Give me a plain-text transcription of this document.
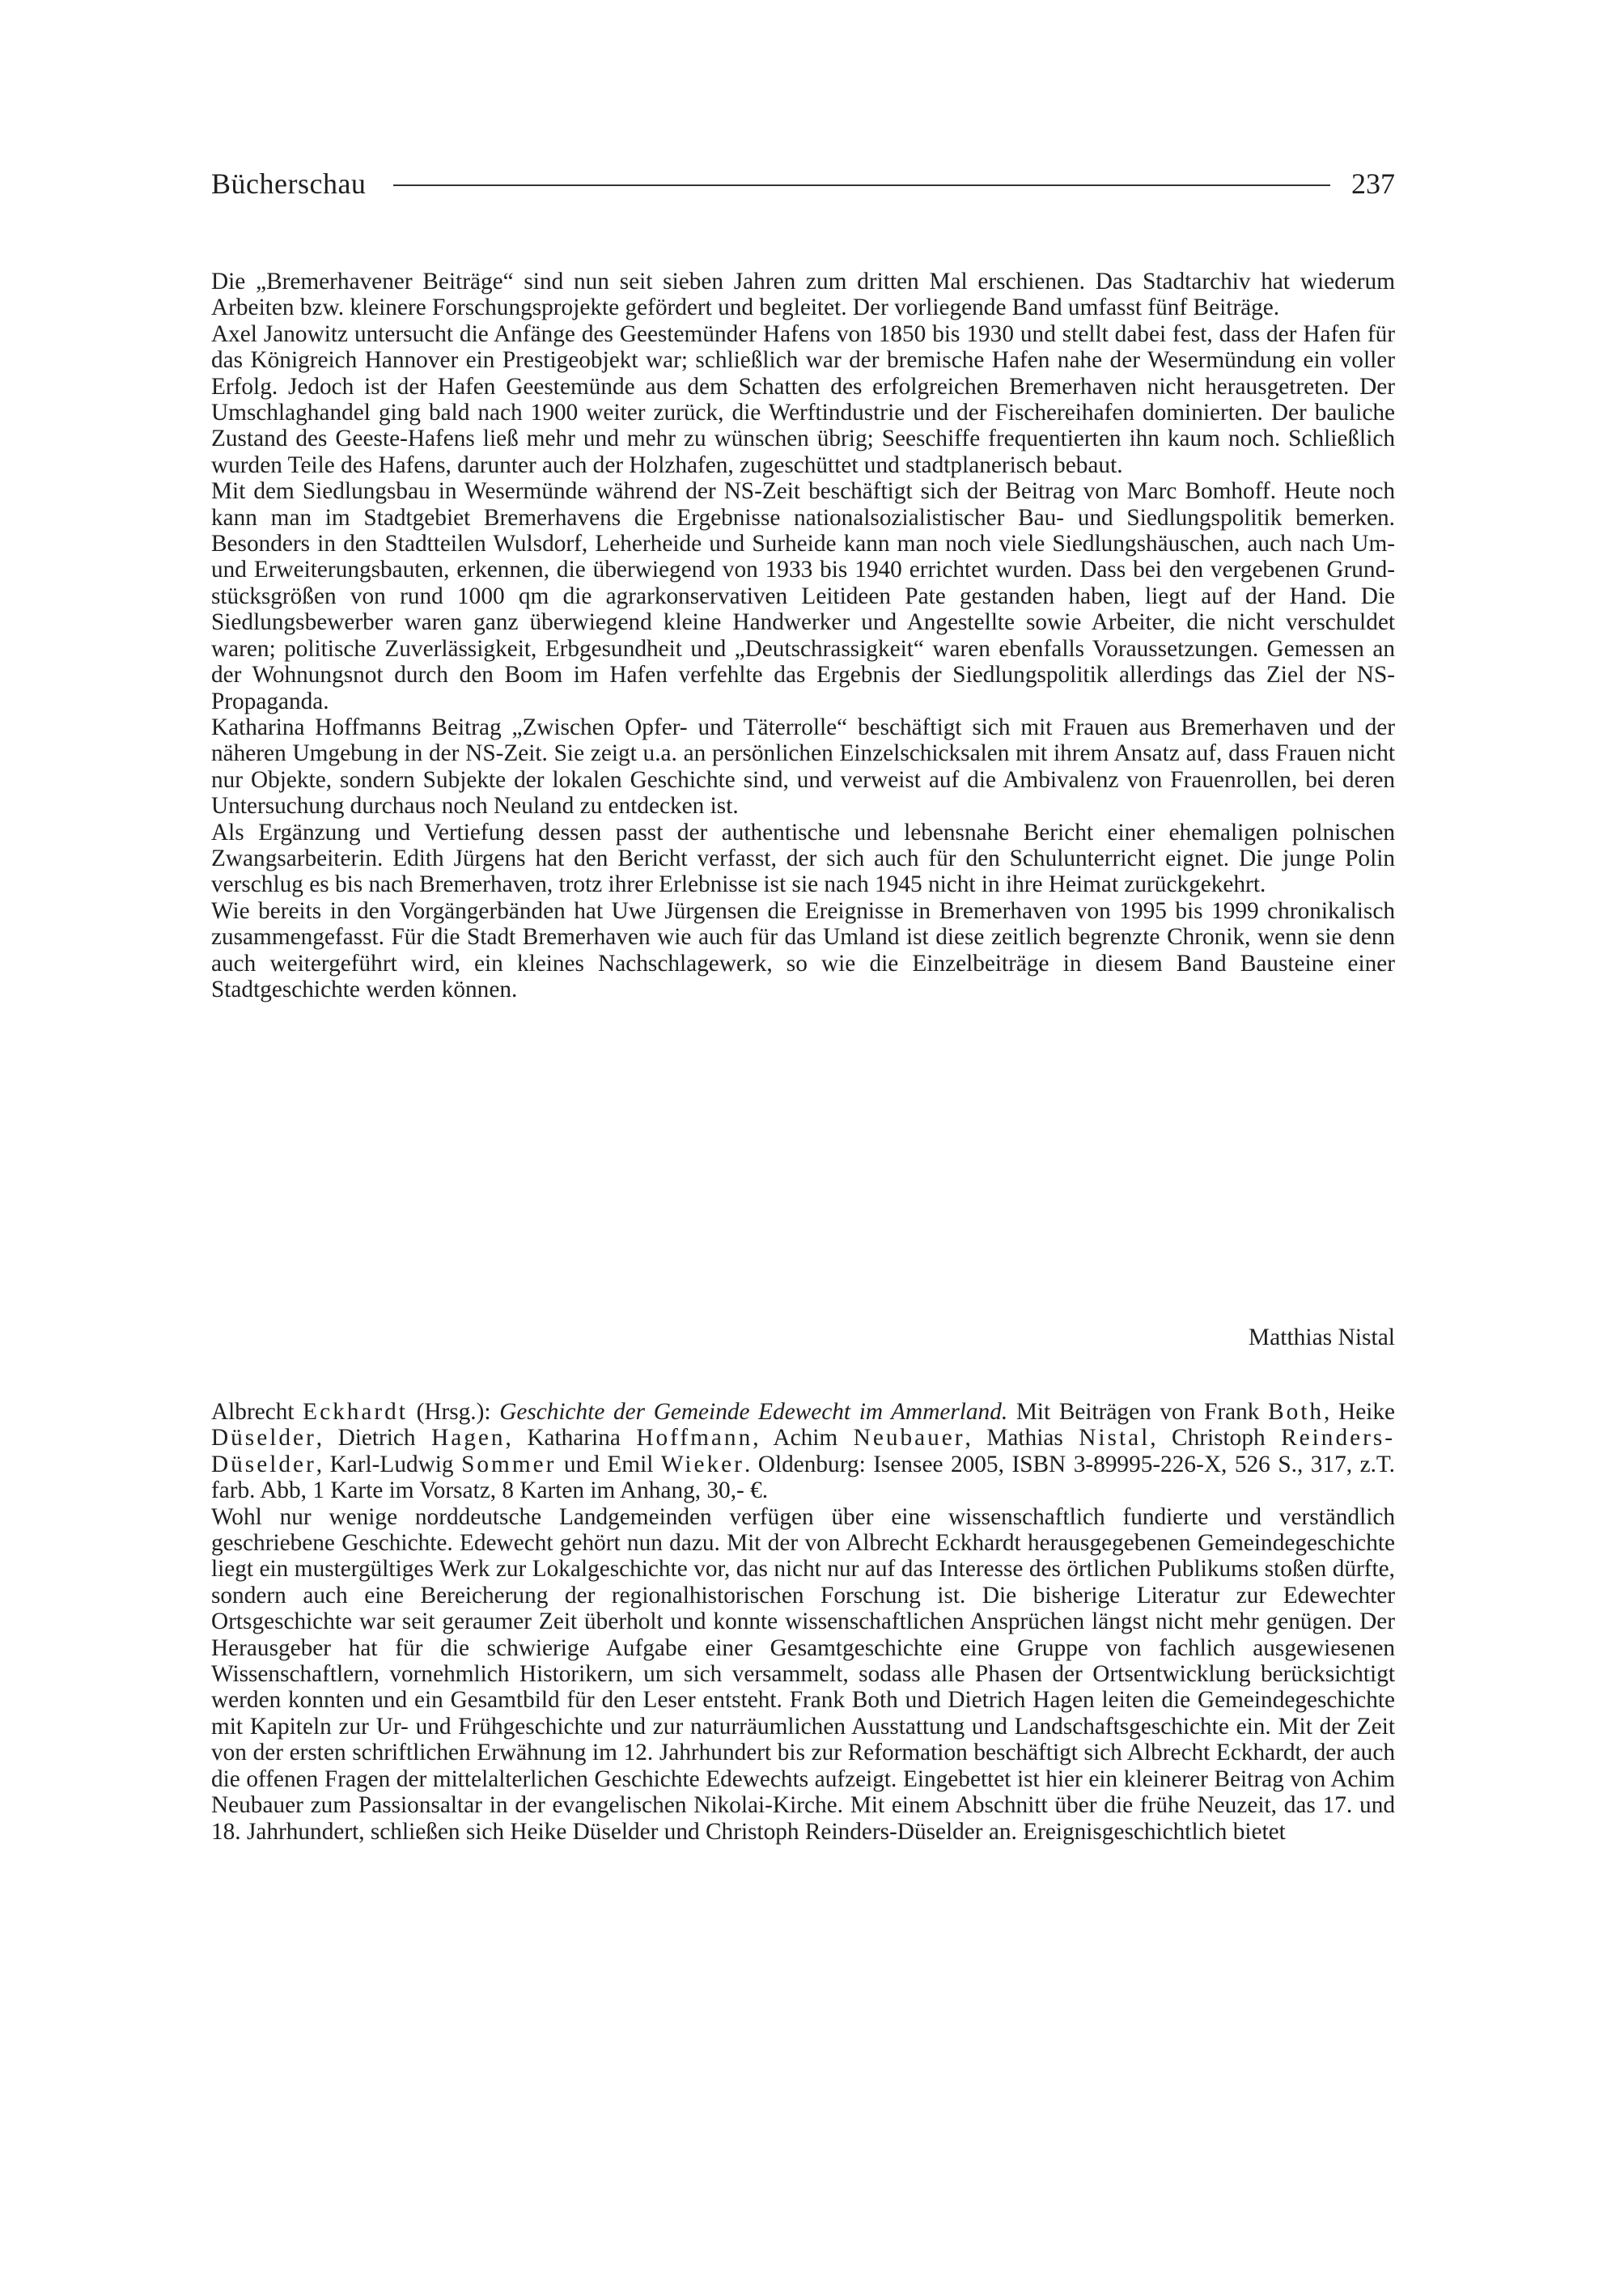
Bücherschau	237

Die „Bremerhavener Beiträge“ sind nun seit sieben Jahren zum dritten Mal erschienen. Das Stadtarchiv hat wiederum Arbeiten bzw. kleinere Forschungsprojekte gefördert und begleitet. Der vorliegende Band umfasst fünf Beiträge.

Axel Janowitz untersucht die Anfänge des Geestemünder Hafens von 1850 bis 1930 und stellt dabei fest, dass der Hafen für das Königreich Hannover ein Prestigeobjekt war; schließlich war der bremische Hafen nahe der Wesermündung ein voller Erfolg. Jedoch ist der Hafen Geestemünde aus dem Schatten des erfolgreichen Bremerhaven nicht herausgetreten. Der Umschlaghandel ging bald nach 1900 weiter zurück, die Werftindustrie und der Fischereihafen dominierten. Der bauliche Zustand des Geeste-Hafens ließ mehr und mehr zu wünschen übrig; Seeschiffe frequentierten ihn kaum noch. Schließlich wurden Teile des Hafens, darunter auch der Holzhafen, zugeschüttet und stadtplanerisch bebaut.

Mit dem Siedlungsbau in Wesermünde während der NS-Zeit beschäftigt sich der Beitrag von Marc Bomhoff. Heute noch kann man im Stadtgebiet Bremerhavens die Ergebnisse nationalsozialistischer Bau- und Siedlungspolitik bemerken. Besonders in den Stadtteilen Wulsdorf, Leherheide und Surheide kann man noch viele Siedlungshäuschen, auch nach Um- und Erweiterungsbauten, erkennen, die überwiegend von 1933 bis 1940 errichtet wurden. Dass bei den vergebenen Grundstücksgrößen von rund 1000 qm die agrarkonservativen Leitideen Pate gestanden haben, liegt auf der Hand. Die Siedlungsbewerber waren ganz überwiegend kleine Handwerker und Angestellte sowie Arbeiter, die nicht verschuldet waren; politische Zuverlässigkeit, Erbgesundheit und „Deutschrassigkeit“ waren ebenfalls Voraussetzungen. Gemessen an der Wohnungsnot durch den Boom im Hafen verfehlte das Ergebnis der Siedlungspolitik allerdings das Ziel der NS-Propaganda.

Katharina Hoffmanns Beitrag „Zwischen Opfer- und Täterrolle“ beschäftigt sich mit Frauen aus Bremerhaven und der näheren Umgebung in der NS-Zeit. Sie zeigt u.a. an persönlichen Einzelschicksalen mit ihrem Ansatz auf, dass Frauen nicht nur Objekte, sondern Subjekte der lokalen Geschichte sind, und verweist auf die Ambivalenz von Frauenrollen, bei deren Untersuchung durchaus noch Neuland zu entdecken ist.

Als Ergänzung und Vertiefung dessen passt der authentische und lebensnahe Bericht einer ehemaligen polnischen Zwangsarbeiterin. Edith Jürgens hat den Bericht verfasst, der sich auch für den Schulunterricht eignet. Die junge Polin verschlug es bis nach Bremerhaven, trotz ihrer Erlebnisse ist sie nach 1945 nicht in ihre Heimat zurückgekehrt.

Wie bereits in den Vorgängerbänden hat Uwe Jürgensen die Ereignisse in Bremerhaven von 1995 bis 1999 chronikalisch zusammengefasst. Für die Stadt Bremerhaven wie auch für das Umland ist diese zeitlich begrenzte Chronik, wenn sie denn auch weitergeführt wird, ein kleines Nachschlagewerk, so wie die Einzelbeiträge in diesem Band Bausteine einer Stadtgeschichte werden können.

Matthias Nistal

Albrecht Eckhardt (Hrsg.): Geschichte der Gemeinde Edewecht im Ammerland. Mit Beiträgen von Frank Both, Heike Düselder, Dietrich Hagen, Katharina Hoffmann, Achim Neubauer, Mathias Nistal, Christoph Reinders-Düselder, Karl-Ludwig Sommer und Emil Wieker. Oldenburg: Isensee 2005, ISBN 3-89995-226-X, 526 S., 317, z.T. farb. Abb, 1 Karte im Vorsatz, 8 Karten im Anhang, 30,- €.

Wohl nur wenige norddeutsche Landgemeinden verfügen über eine wissenschaftlich fundierte und verständlich geschriebene Geschichte. Edewecht gehört nun dazu. Mit der von Albrecht Eckhardt herausgegebenen Gemeindegeschichte liegt ein mustergültiges Werk zur Lokalgeschichte vor, das nicht nur auf das Interesse des örtlichen Publikums stoßen dürfte, sondern auch eine Bereicherung der regionalhistorischen Forschung ist. Die bisherige Literatur zur Edewechter Ortsgeschichte war seit geraumer Zeit überholt und konnte wissenschaftlichen Ansprüchen längst nicht mehr genügen. Der Herausgeber hat für die schwierige Aufgabe einer Gesamtgeschichte eine Gruppe von fachlich ausgewiesenen Wissenschaftlern, vornehmlich Historikern, um sich versammelt, sodass alle Phasen der Ortsentwicklung berücksichtigt werden konnten und ein Gesamtbild für den Leser entsteht. Frank Both und Dietrich Hagen leiten die Gemeindegeschichte mit Kapiteln zur Ur- und Frühgeschichte und zur naturräumlichen Ausstattung und Landschaftsgeschichte ein. Mit der Zeit von der ersten schriftlichen Erwähnung im 12. Jahrhundert bis zur Reformation beschäftigt sich Albrecht Eckhardt, der auch die offenen Fragen der mittelalterlichen Geschichte Edewechts aufzeigt. Eingebettet ist hier ein kleinerer Beitrag von Achim Neubauer zum Passionsaltar in der evangelischen Nikolai-Kirche. Mit einem Abschnitt über die frühe Neuzeit, das 17. und 18. Jahrhundert, schließen sich Heike Düselder und Christoph Reinders-Düselder an. Ereignisgeschichtlich bietet
